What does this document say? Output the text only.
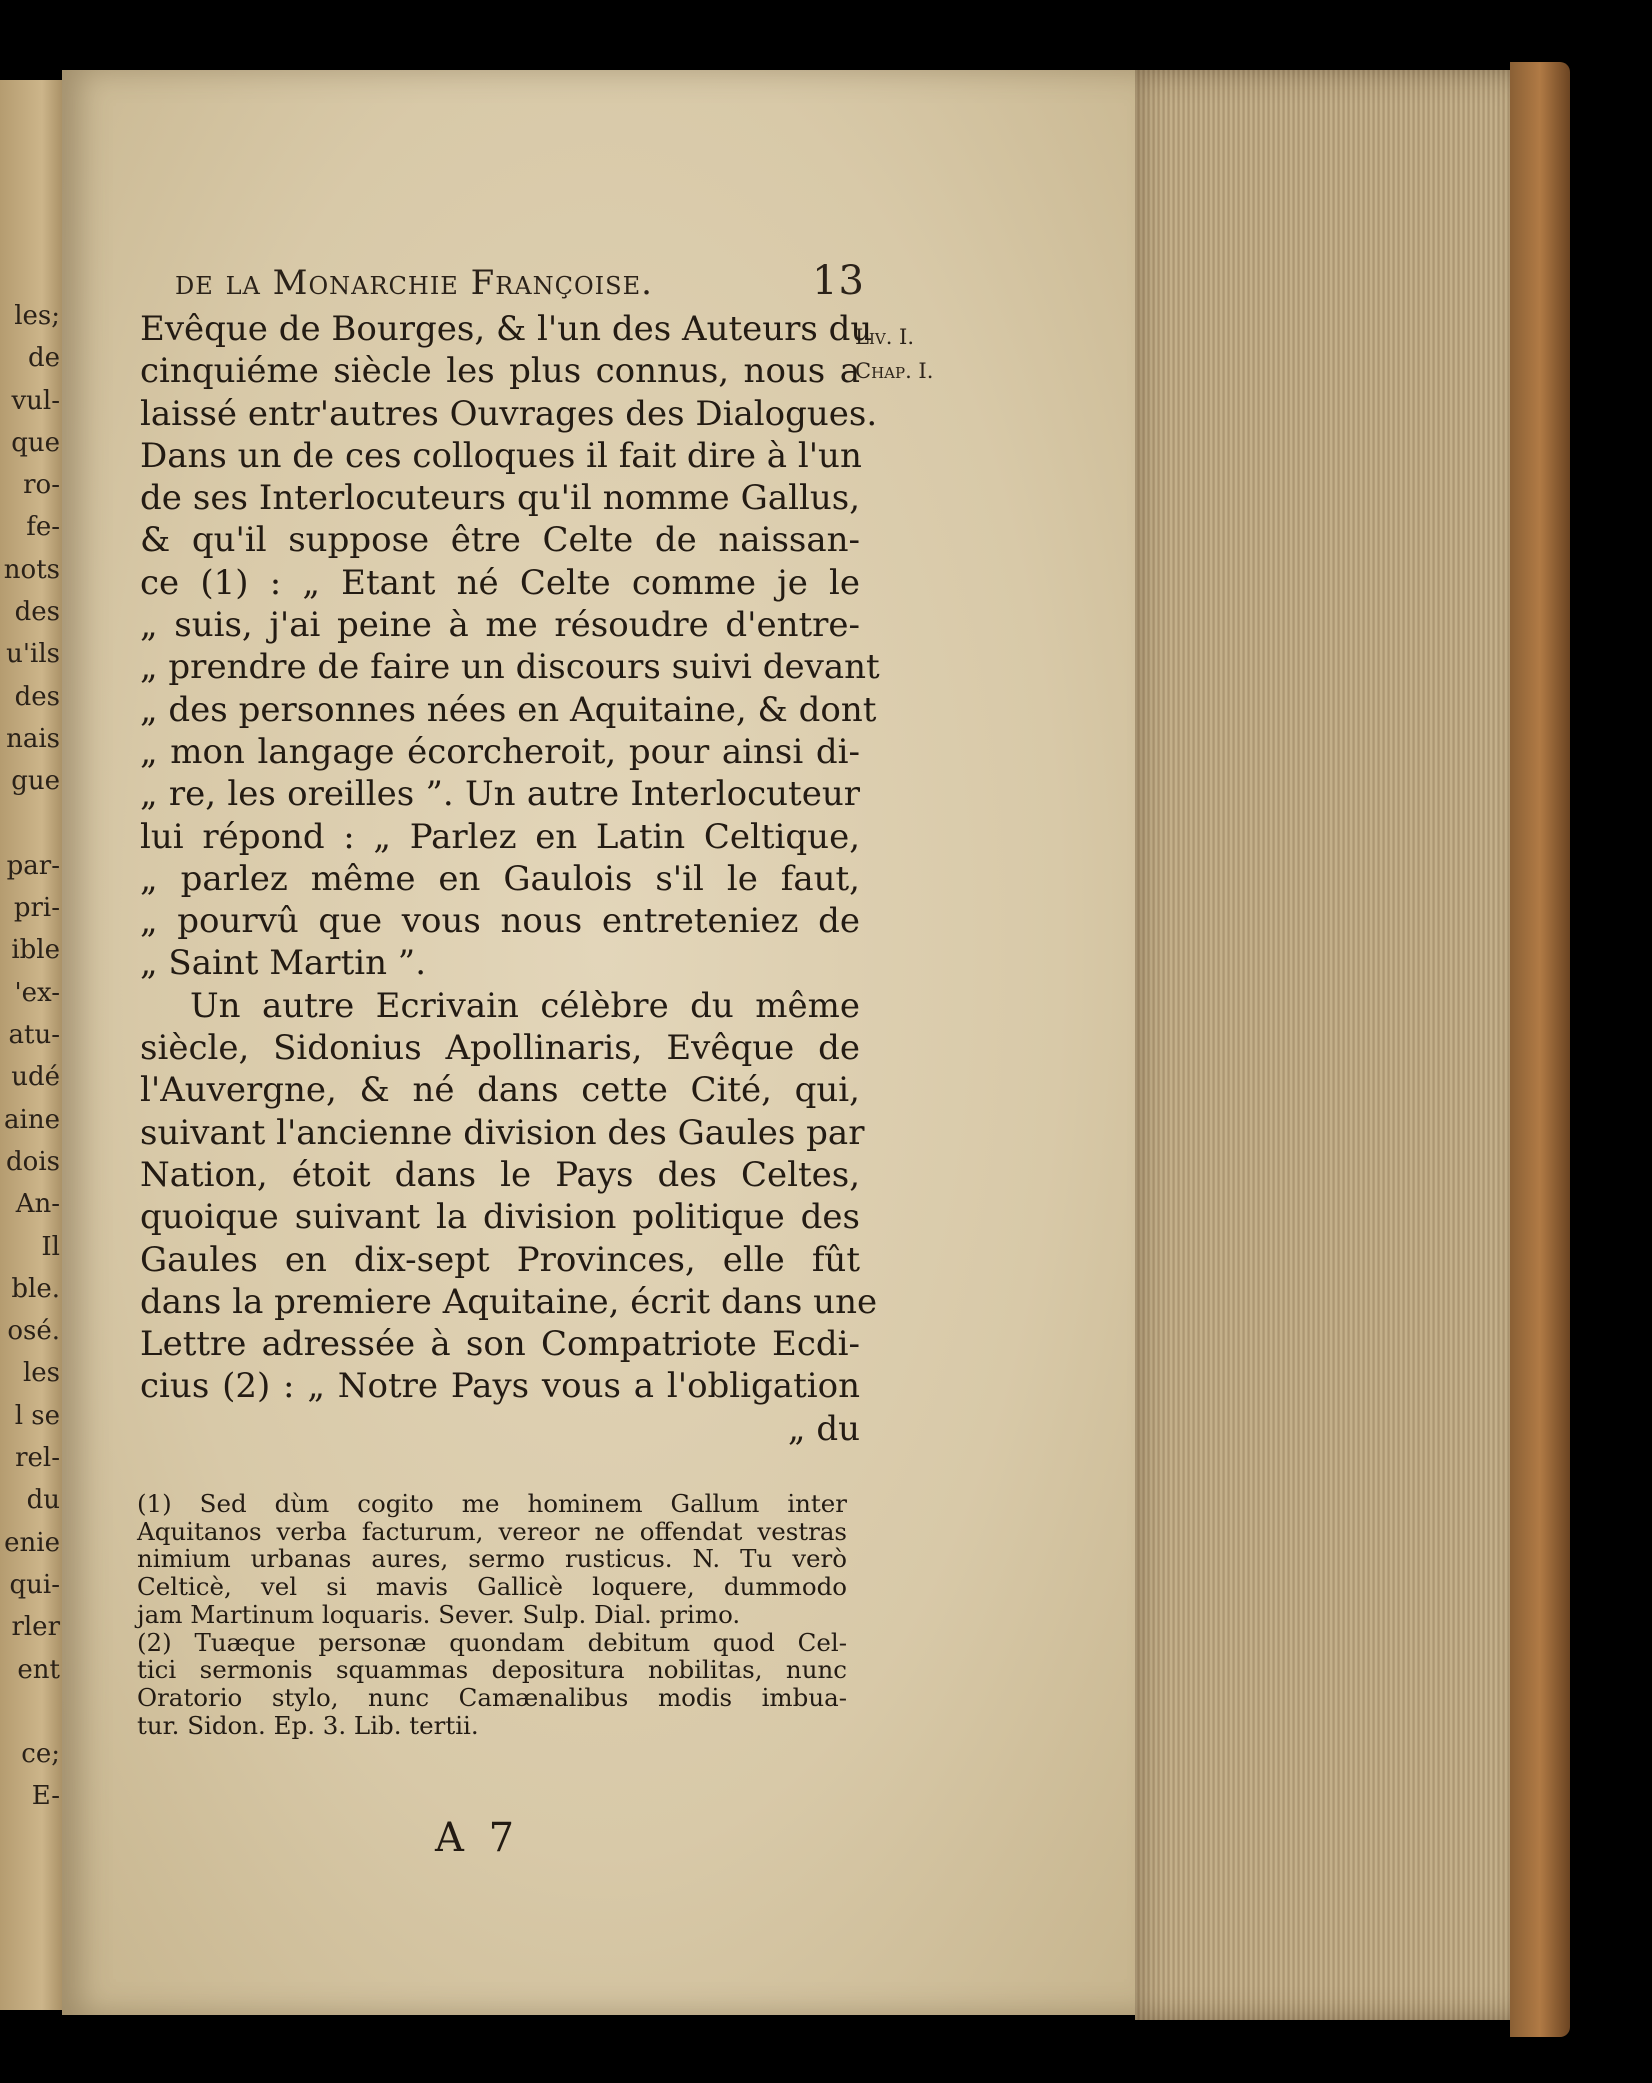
les;
de
vul-
que
ro-
fe-
nots
des
u'ils
des
nais
gue

par-
pri-
ible
'ex-
atu-
udé
aine
dois
An-
Il
ble.
osé.
les
l se
rel-
du
enie
qui-
rler
ent

ce;
E-
de la Monarchie Françoise.	13
Liv. I.
Chap. I.
Evêque de Bourges, & l'un des Auteurs du
cinquiéme siècle les plus connus, nous a
laissé entr'autres Ouvrages des Dialogues.
Dans un de ces colloques il fait dire à l'un
de ses Interlocuteurs qu'il nomme Gallus,
& qu'il suppose être Celte de naissan-
ce (1) : „ Etant né Celte comme je le
„ suis, j'ai peine à me résoudre d'entre-
„ prendre de faire un discours suivi devant
„ des personnes nées en Aquitaine, & dont
„ mon langage écorcheroit, pour ainsi di-
„ re, les oreilles ”. Un autre Interlocuteur
lui répond : „ Parlez en Latin Celtique,
„ parlez même en Gaulois s'il le faut,
„ pourvû que vous nous entreteniez de
„ Saint Martin ”.
Un autre Ecrivain célèbre du même
siècle, Sidonius Apollinaris, Evêque de
l'Auvergne, & né dans cette Cité, qui,
suivant l'ancienne division des Gaules par
Nation, étoit dans le Pays des Celtes,
quoique suivant la division politique des
Gaules en dix-sept Provinces, elle fût
dans la premiere Aquitaine, écrit dans une
Lettre adressée à son Compatriote Ecdi-
cius (2) : „ Notre Pays vous a l'obligation
„ du
(1) Sed dùm cogito me hominem Gallum inter
Aquitanos verba facturum, vereor ne offendat vestras
nimium urbanas aures, sermo rusticus. N. Tu verò
Celticè, vel si mavis Gallicè loquere, dummodo
jam Martinum loquaris. Sever. Sulp. Dial. primo.
(2) Tuæque personæ quondam debitum quod Cel-
tici sermonis squammas depositura nobilitas, nunc
Oratorio stylo, nunc Camænalibus modis imbua-
tur. Sidon. Ep. 3. Lib. tertii.
A 7
